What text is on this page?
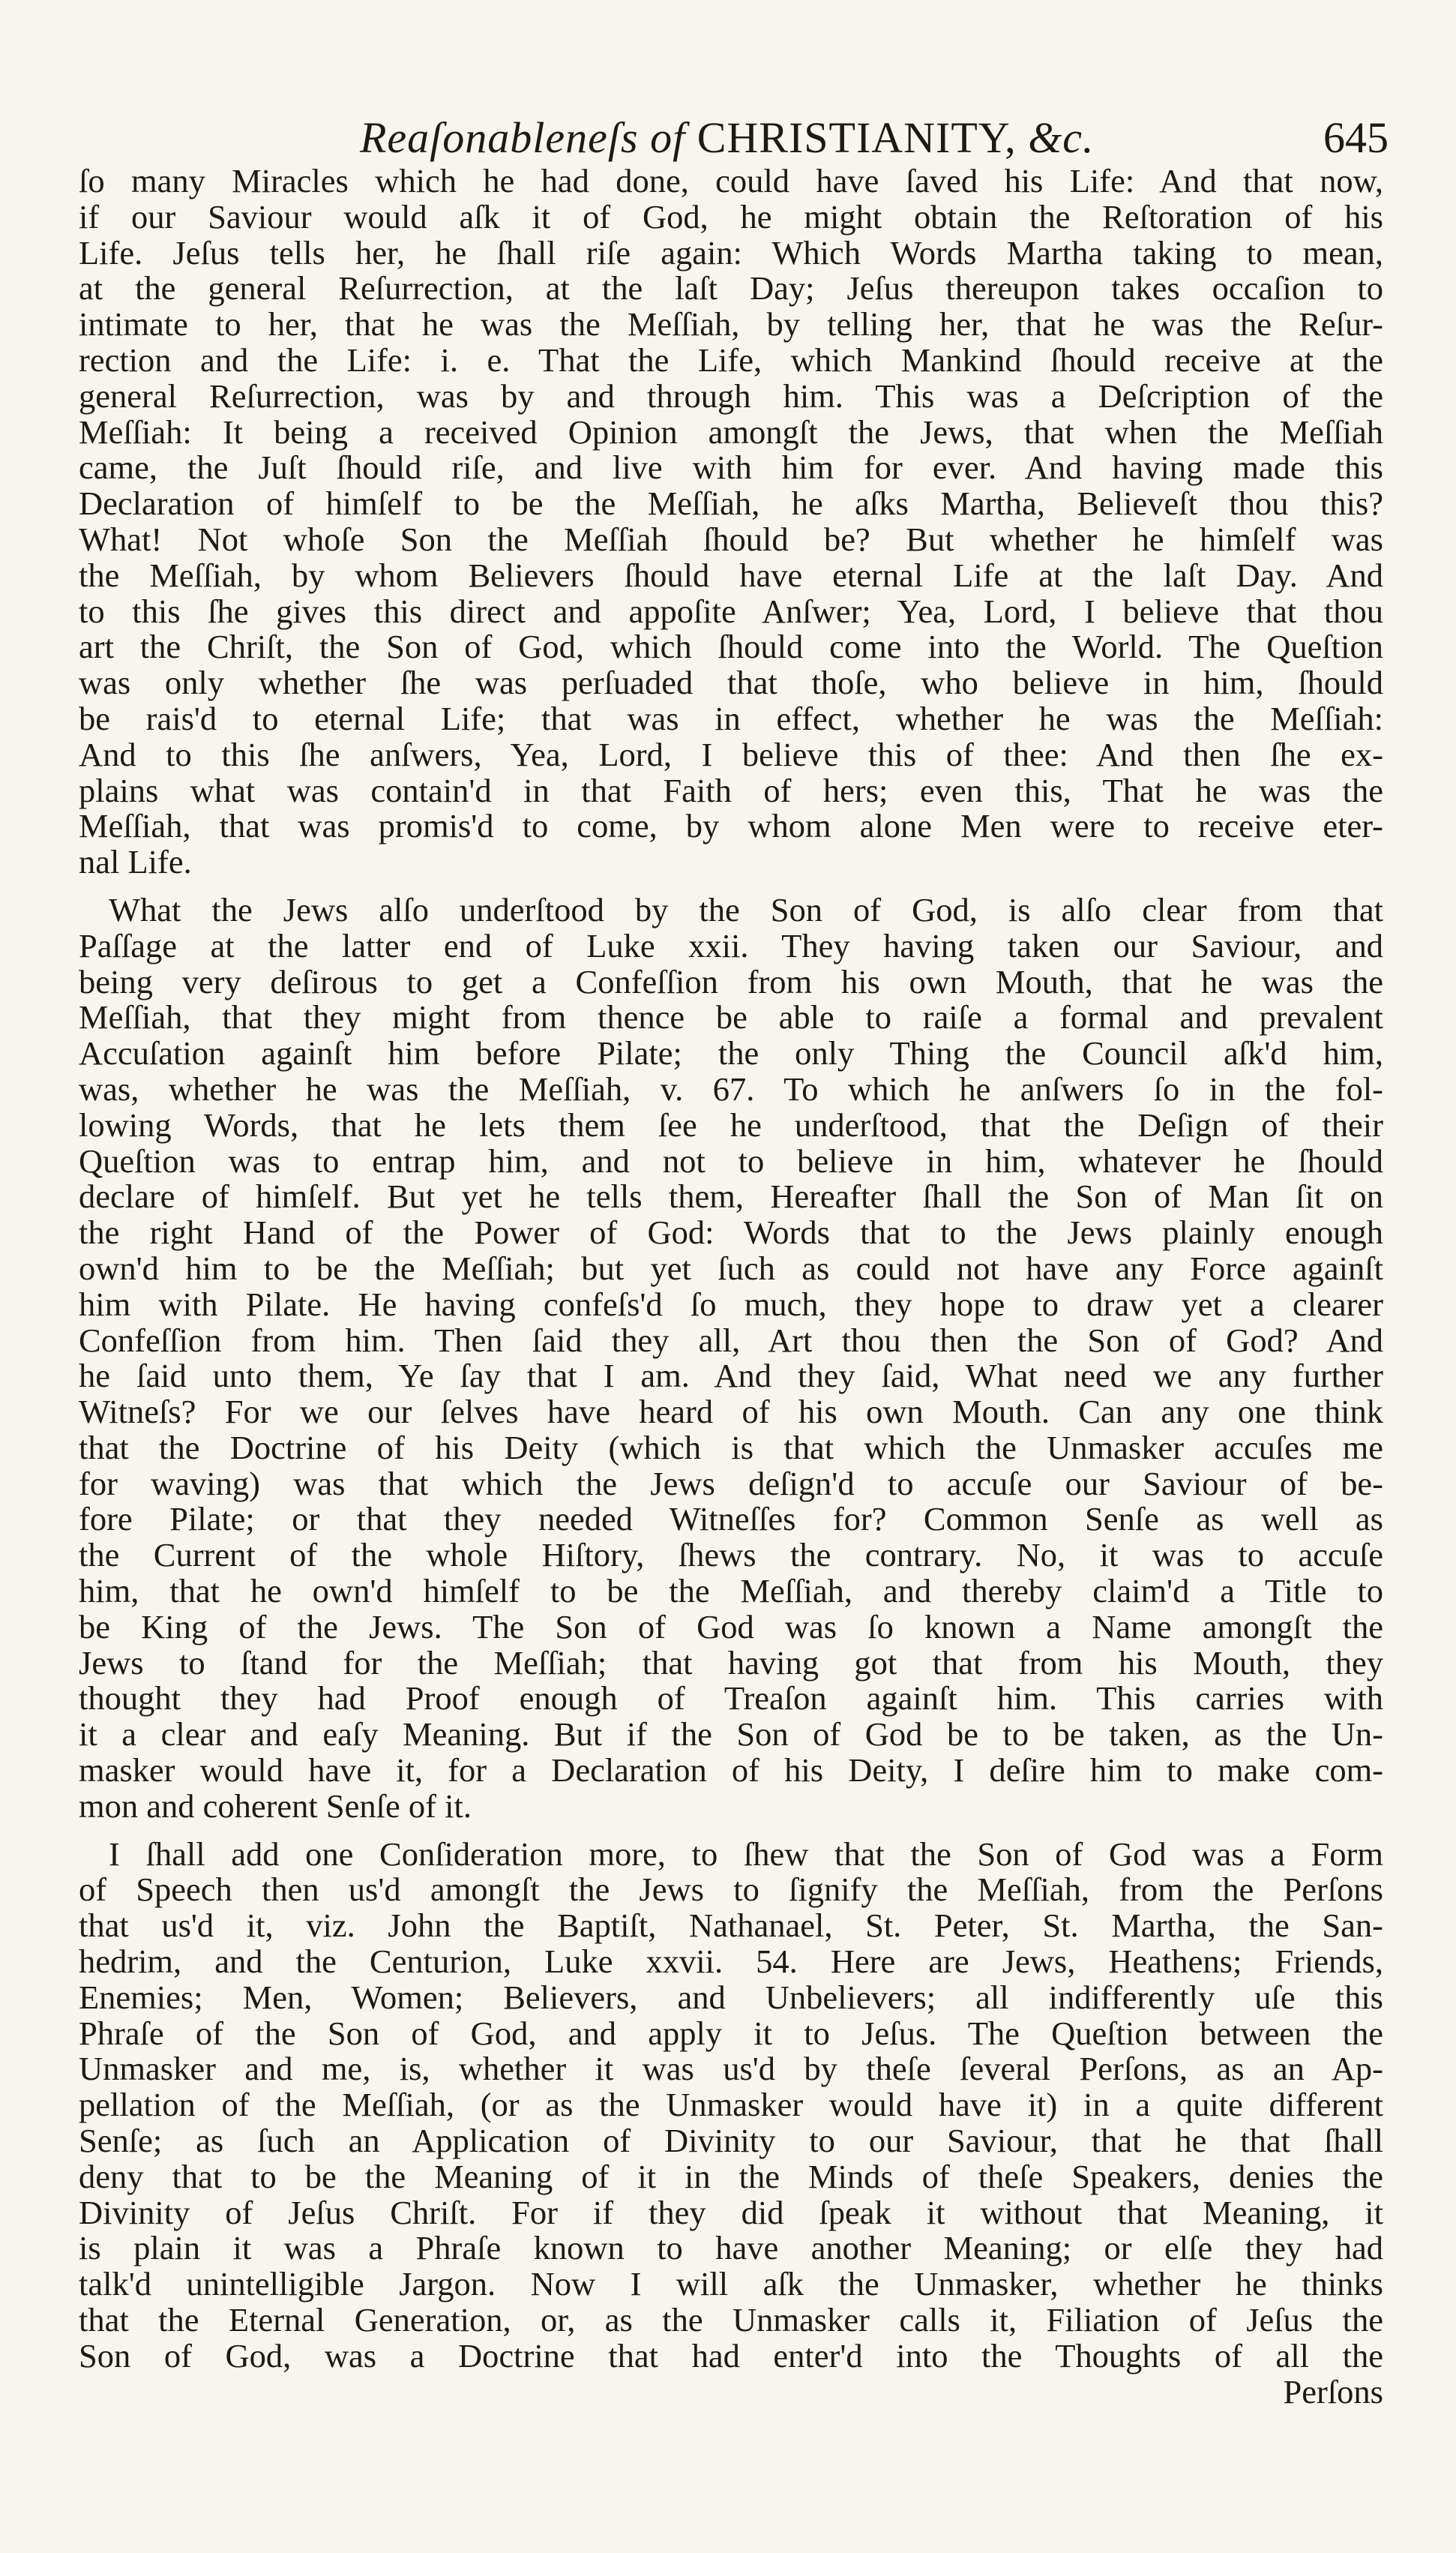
Reaſonableneſs of CHRISTIANITY, &c.	645
ſo many Miracles which he had done, could have ſaved his Life: And that now,
if our Saviour would aſk it of God, he might obtain the Reſtoration of his
Life. Jeſus tells her, he ſhall riſe again: Which Words Martha taking to mean,
at the general Reſurrection, at the laſt Day; Jeſus thereupon takes occaſion to
intimate to her, that he was the Meſſiah, by telling her, that he was the Reſur-
rection and the Life: i. e. That the Life, which Mankind ſhould receive at the
general Reſurrection, was by and through him. This was a Deſcription of the
Meſſiah: It being a received Opinion amongſt the Jews, that when the Meſſiah
came, the Juſt ſhould riſe, and live with him for ever. And having made this
Declaration of himſelf to be the Meſſiah, he aſks Martha, Believeſt thou this?
What! Not whoſe Son the Meſſiah ſhould be? But whether he himſelf was
the Meſſiah, by whom Believers ſhould have eternal Life at the laſt Day. And
to this ſhe gives this direct and appoſite Anſwer; Yea, Lord, I believe that thou
art the Chriſt, the Son of God, which ſhould come into the World. The Queſtion
was only whether ſhe was perſuaded that thoſe, who believe in him, ſhould
be rais'd to eternal Life; that was in effect, whether he was the Meſſiah:
And to this ſhe anſwers, Yea, Lord, I believe this of thee: And then ſhe ex-
plains what was contain'd in that Faith of hers; even this, That he was the
Meſſiah, that was promis'd to come, by whom alone Men were to receive eter-
nal Life.
What the Jews alſo underſtood by the Son of God, is alſo clear from that
Paſſage at the latter end of Luke xxii. They having taken our Saviour, and
being very deſirous to get a Confeſſion from his own Mouth, that he was the
Meſſiah, that they might from thence be able to raiſe a formal and prevalent
Accuſation againſt him before Pilate; the only Thing the Council aſk'd him,
was, whether he was the Meſſiah, v. 67. To which he anſwers ſo in the fol-
lowing Words, that he lets them ſee he underſtood, that the Deſign of their
Queſtion was to entrap him, and not to believe in him, whatever he ſhould
declare of himſelf. But yet he tells them, Hereafter ſhall the Son of Man ſit on
the right Hand of the Power of God: Words that to the Jews plainly enough
own'd him to be the Meſſiah; but yet ſuch as could not have any Force againſt
him with Pilate. He having confeſs'd ſo much, they hope to draw yet a clearer
Confeſſion from him. Then ſaid they all, Art thou then the Son of God? And
he ſaid unto them, Ye ſay that I am. And they ſaid, What need we any further
Witneſs? For we our ſelves have heard of his own Mouth. Can any one think
that the Doctrine of his Deity (which is that which the Unmasker accuſes me
for waving) was that which the Jews deſign'd to accuſe our Saviour of be-
fore Pilate; or that they needed Witneſſes for? Common Senſe as well as
the Current of the whole Hiſtory, ſhews the contrary. No, it was to accuſe
him, that he own'd himſelf to be the Meſſiah, and thereby claim'd a Title to
be King of the Jews. The Son of God was ſo known a Name amongſt the
Jews to ſtand for the Meſſiah; that having got that from his Mouth, they
thought they had Proof enough of Treaſon againſt him. This carries with
it a clear and eaſy Meaning. But if the Son of God be to be taken, as the Un-
masker would have it, for a Declaration of his Deity, I deſire him to make com-
mon and coherent Senſe of it.
I ſhall add one Conſideration more, to ſhew that the Son of God was a Form
of Speech then us'd amongſt the Jews to ſignify the Meſſiah, from the Perſons
that us'd it, viz. John the Baptiſt, Nathanael, St. Peter, St. Martha, the San-
hedrim, and the Centurion, Luke xxvii. 54. Here are Jews, Heathens; Friends,
Enemies; Men, Women; Believers, and Unbelievers; all indifferently uſe this
Phraſe of the Son of God, and apply it to Jeſus. The Queſtion between the
Unmasker and me, is, whether it was us'd by theſe ſeveral Perſons, as an Ap-
pellation of the Meſſiah, (or as the Unmasker would have it) in a quite different
Senſe; as ſuch an Application of Divinity to our Saviour, that he that ſhall
deny that to be the Meaning of it in the Minds of theſe Speakers, denies the
Divinity of Jeſus Chriſt. For if they did ſpeak it without that Meaning, it
is plain it was a Phraſe known to have another Meaning; or elſe they had
talk'd unintelligible Jargon. Now I will aſk the Unmasker, whether he thinks
that the Eternal Generation, or, as the Unmasker calls it, Filiation of Jeſus the
Son of God, was a Doctrine that had enter'd into the Thoughts of all the
Perſons
